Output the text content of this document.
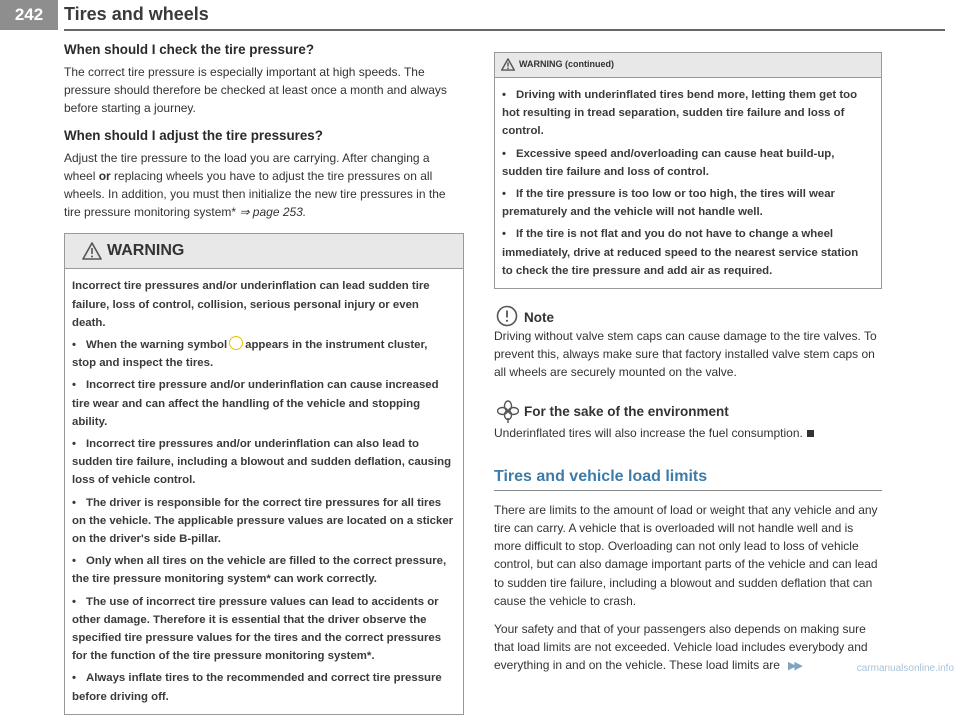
242	Tires and wheels
When should I check the tire pressure?

The correct tire pressure is especially important at high speeds. The pressure should therefore be checked at least once a month and always before starting a journey.

When should I adjust the tire pressures?

Adjust the tire pressure to the load you are carrying. After changing a wheel or replacing wheels you have to adjust the tire pressures on all wheels. In addition, you must then initialize the new tire pressures in the tire pressure monitoring system* ⇒ page 253.

WARNING

Incorrect tire pressures and/or underinflation can lead sudden tire failure, loss of control, collision, serious personal injury or even death.

• When the warning symbol appears in the instrument cluster, stop and inspect the tires.

• Incorrect tire pressure and/or underinflation can cause increased tire wear and can affect the handling of the vehicle and stopping ability.

• Incorrect tire pressures and/or underinflation can also lead to sudden tire failure, including a blowout and sudden deflation, causing loss of vehicle control.

• The driver is responsible for the correct tire pressures for all tires on the vehicle. The applicable pressure values are located on a sticker on the driver's side B-pillar.

• Only when all tires on the vehicle are filled to the correct pressure, the tire pressure monitoring system* can work correctly.

• The use of incorrect tire pressure values can lead to accidents or other damage. Therefore it is essential that the driver observe the specified tire pressure values for the tires and the correct pressures for the function of the tire pressure monitoring system*.

• Always inflate tires to the recommended and correct tire pressure before driving off.

WARNING (continued)

• Driving with underinflated tires bend more, letting them get too hot resulting in tread separation, sudden tire failure and loss of control.

• Excessive speed and/overloading can cause heat build-up, sudden tire failure and loss of control.

• If the tire pressure is too low or too high, the tires will wear prematurely and the vehicle will not handle well.

• If the tire is not flat and you do not have to change a wheel immediately, drive at reduced speed to the nearest service station to check the tire pressure and add air as required.

Note

Driving without valve stem caps can cause damage to the tire valves. To prevent this, always make sure that factory installed valve stem caps on all wheels are securely mounted on the valve.

For the sake of the environment

Underinflated tires will also increase the fuel consumption.

Tires and vehicle load limits

There are limits to the amount of load or weight that any vehicle and any tire can carry. A vehicle that is overloaded will not handle well and is more difficult to stop. Overloading can not only lead to loss of vehicle control, but can also damage important parts of the vehicle and can lead to sudden tire failure, including a blowout and sudden deflation that can cause the vehicle to crash.

Your safety and that of your passengers also depends on making sure that load limits are not exceeded. Vehicle load includes everybody and everything in and on the vehicle. These load limits are ▶▶	carmanualsonline.info
